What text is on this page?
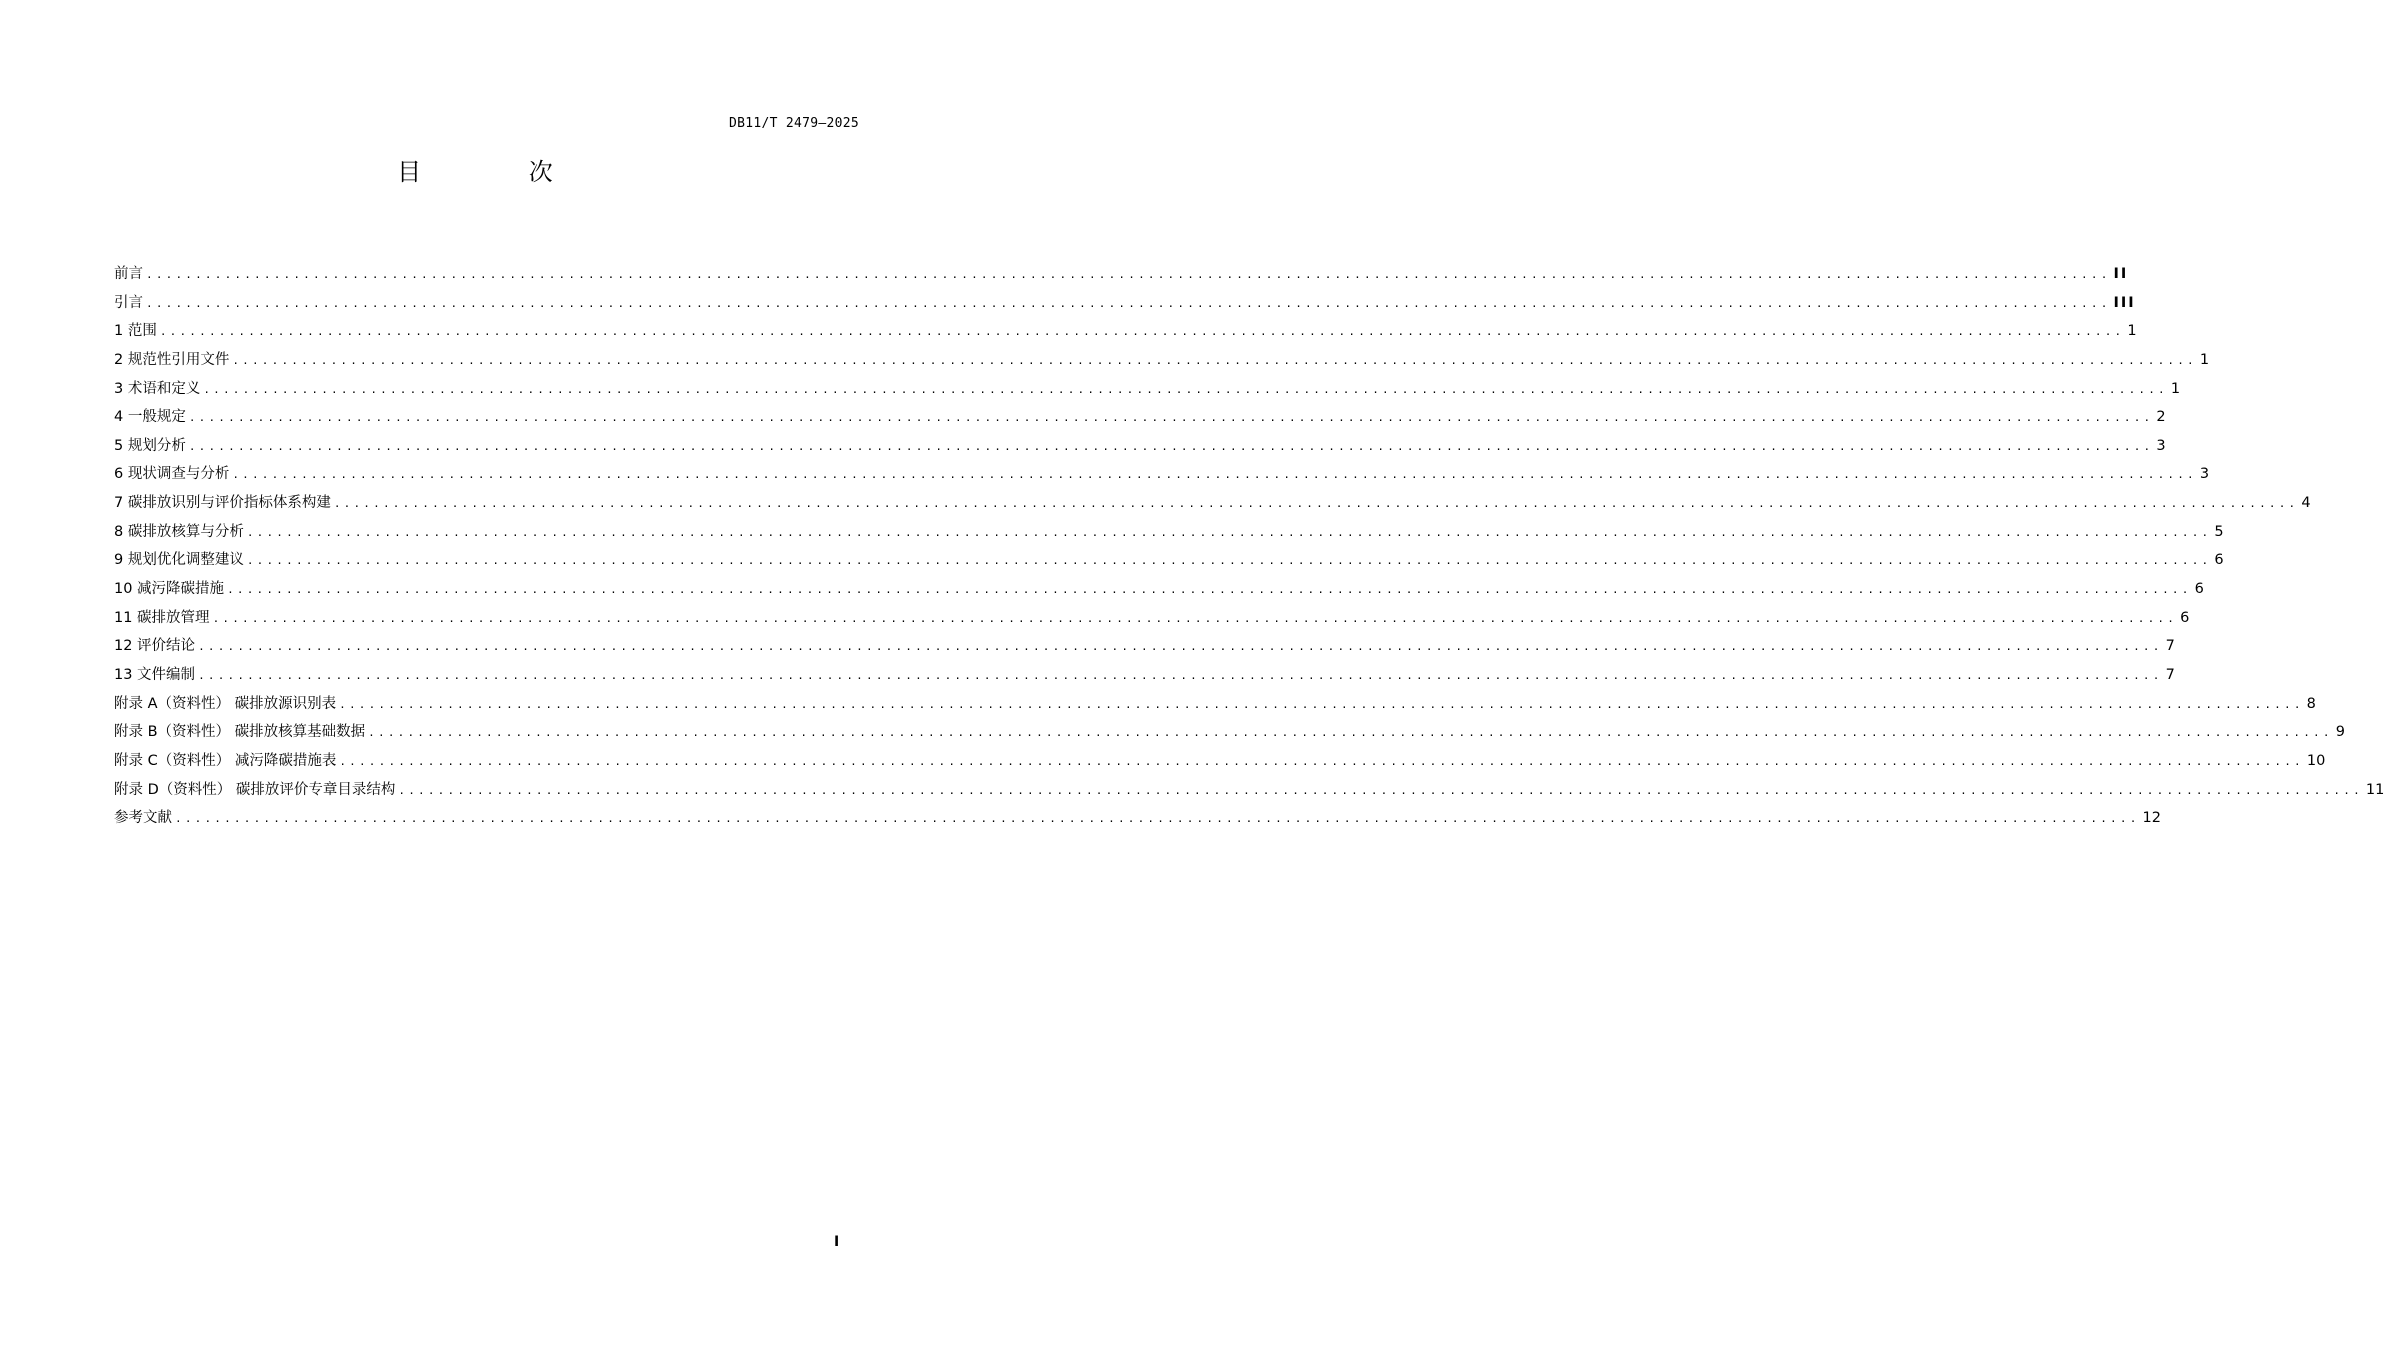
DB11/T 2479—2025
目 次
前言 ........................................................................................................................................................................................................ II
引言 ........................................................................................................................................................................................................ III
1 范围 ........................................................................................................................................................................................................ 1
2 规范性引用文件 ........................................................................................................................................................................................................ 1
3 术语和定义 ........................................................................................................................................................................................................ 1
4 一般规定 ........................................................................................................................................................................................................ 2
5 规划分析 ........................................................................................................................................................................................................ 3
6 现状调查与分析 ........................................................................................................................................................................................................ 3
7 碳排放识别与评价指标体系构建 ........................................................................................................................................................................................................ 4
8 碳排放核算与分析 ........................................................................................................................................................................................................ 5
9 规划优化调整建议 ........................................................................................................................................................................................................ 6
10 减污降碳措施 ........................................................................................................................................................................................................ 6
11 碳排放管理 ........................................................................................................................................................................................................ 6
12 评价结论 ........................................................................................................................................................................................................ 7
13 文件编制 ........................................................................................................................................................................................................ 7
附录 A（资料性） 碳排放源识别表 ........................................................................................................................................................................................................ 8
附录 B（资料性） 碳排放核算基础数据 ........................................................................................................................................................................................................ 9
附录 C（资料性） 减污降碳措施表 ........................................................................................................................................................................................................ 10
附录 D（资料性） 碳排放评价专章目录结构 ........................................................................................................................................................................................................ 11
参考文献 ........................................................................................................................................................................................................ 12
I
